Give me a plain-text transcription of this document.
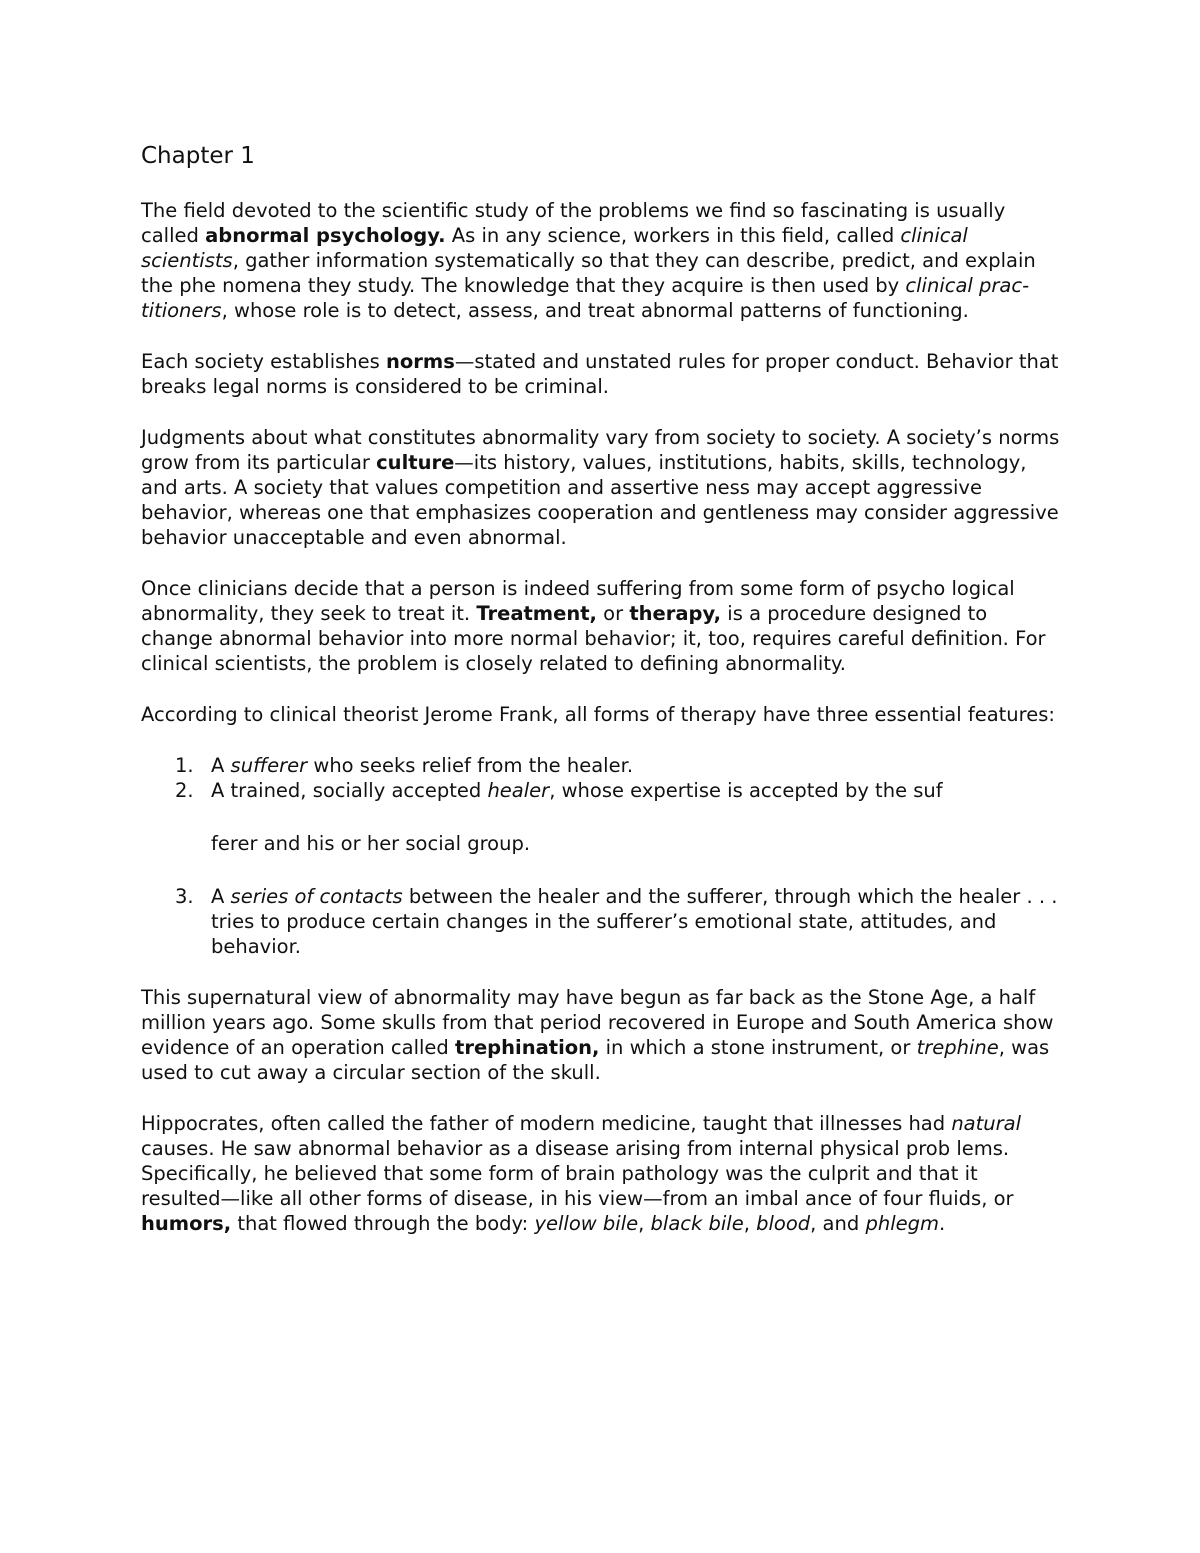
Chapter 1

The field devoted to the scientific study of the problems we find so fascinating is usually called abnormal psychology. As in any science, workers in this field, called clinical scientists, gather information systematically so that they can describe, predict, and explain the phe nomena they study. The knowledge that they acquire is then used by clinical prac- titioners, whose role is to detect, assess, and treat abnormal patterns of functioning.

Each society establishes norms—stated and unstated rules for proper conduct. Behavior that breaks legal norms is considered to be criminal.

Judgments about what constitutes abnormality vary from society to society. A society’s norms grow from its particular culture—its history, values, institutions, habits, skills, technology, and arts. A society that values competition and assertive ness may accept aggressive behavior, whereas one that emphasizes cooperation and gentleness may consider aggressive behavior unacceptable and even abnormal.

Once clinicians decide that a person is indeed suffering from some form of psycho logical abnormality, they seek to treat it. Treatment, or therapy, is a procedure designed to change abnormal behavior into more normal behavior; it, too, requires careful definition. For clinical scientists, the problem is closely related to defining abnormality.

According to clinical theorist Jerome Frank, all forms of therapy have three essential features:

1. A sufferer who seeks relief from the healer.
2. A trained, socially accepted healer, whose expertise is accepted by the suf
ferer and his or her social group.
3. A series of contacts between the healer and the sufferer, through which the healer . . . tries to produce certain changes in the sufferer’s emotional state, attitudes, and behavior.

This supernatural view of abnormality may have begun as far back as the Stone Age, a half million years ago. Some skulls from that period recovered in Europe and South America show evidence of an operation called trephination, in which a stone instrument, or trephine, was used to cut away a circular section of the skull.

Hippocrates, often called the father of modern medicine, taught that illnesses had natural causes. He saw abnormal behavior as a disease arising from internal physical prob lems. Specifically, he believed that some form of brain pathology was the culprit and that it resulted—like all other forms of disease, in his view—from an imbal ance of four fluids, or humors, that flowed through the body: yellow bile, black bile, blood, and phlegm.
